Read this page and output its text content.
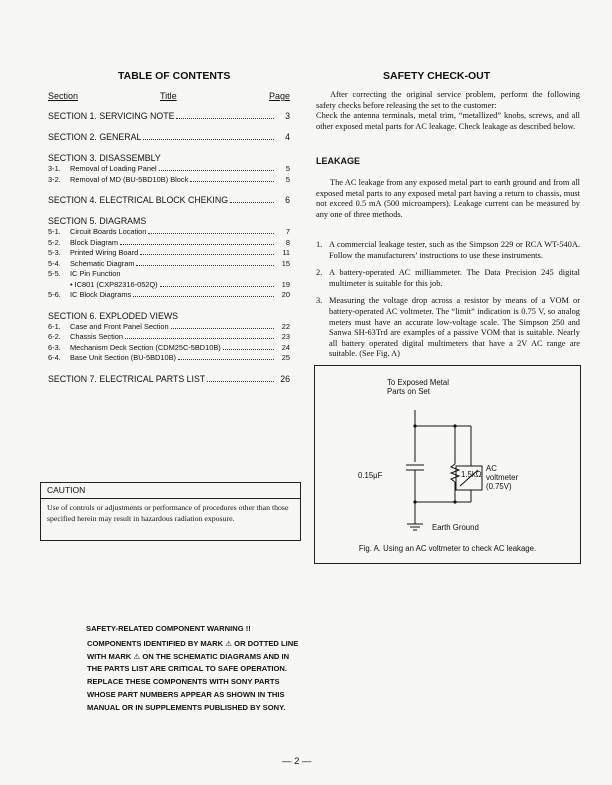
TABLE OF CONTENTS
Section	Title	Page
SECTION 1. SERVICING NOTE	3
SECTION 2. GENERAL	4
SECTION 3. DISASSEMBLY
3-1. Removal of Loading Panel	5
3-2. Removal of MD (BU-5BD10B) Block	5
SECTION 4. ELECTRICAL BLOCK CHEKING	6
SECTION 5. DIAGRAMS
5-1. Circuit Boards Location	7
5-2. Block Diagram	8
5-3. Printed Wiring Board	11
5-4. Schematic Diagram	15
5-5. IC Pin Function
• IC801 (CXP82316-052Q)	19
5-6. IC Block Diagrams	20
SECTION 6. EXPLODED VIEWS
6-1. Case and Front Panel Section	22
6-2. Chassis Section	23
6-3. Mechanism Deck Section (CDM25C-5BD10B)	24
6-4. Base Unit Section (BU-5BD10B)	25
SECTION 7. ELECTRICAL PARTS LIST	26
CAUTION
Use of controls or adjustments or performance of procedures other than those specified herein may result in hazardous radiation exposure.
SAFETY-RELATED COMPONENT WARNING !!
COMPONENTS IDENTIFIED BY MARK ⚠ OR DOTTED LINE WITH MARK ⚠ ON THE SCHEMATIC DIAGRAMS AND IN THE PARTS LIST ARE CRITICAL TO SAFE OPERATION. REPLACE THESE COMPONENTS WITH SONY PARTS WHOSE PART NUMBERS APPEAR AS SHOWN IN THIS MANUAL OR IN SUPPLEMENTS PUBLISHED BY SONY.
SAFETY CHECK-OUT
After correcting the original service problem, perform the following safety checks before releasing the set to the customer:
Check the antenna terminals, metal trim, “metallized” knobs, screws, and all other exposed metal parts for AC leakage. Check leakage as described below.
LEAKAGE
The AC leakage from any exposed metal part to earth ground and from all exposed metal parts to any exposed metal part having a return to chassis, must not exceed 0.5 mA (500 microampers). Leakage current can be measured by any one of three methods.
1. A commercial leakage tester, such as the Simpson 229 or RCA WT-540A. Follow the manufacturers’ instructions to use these instruments.
2. A battery-operated AC milliammeter. The Data Precision 245 digital multimeter is suitable for this job.
3. Measuring the voltage drop across a resistor by means of a VOM or battery-operated AC voltmeter. The “limit” indication is 0.75 V, so analog meters must have an accurate low-voltage scale. The Simpson 250 and Sanwa SH-63Trd are examples of a passive VOM that is suitable. Nearly all battery operated digital multimeters that have a 2V AC range are suitable. (See Fig. A)
To Exposed Metal
Parts on Set
0.15μF	1.5kΩ
AC
voltmeter
(0.75V)
Earth Ground
Fig. A. Using an AC voltmeter to check AC leakage.
— 2 —
